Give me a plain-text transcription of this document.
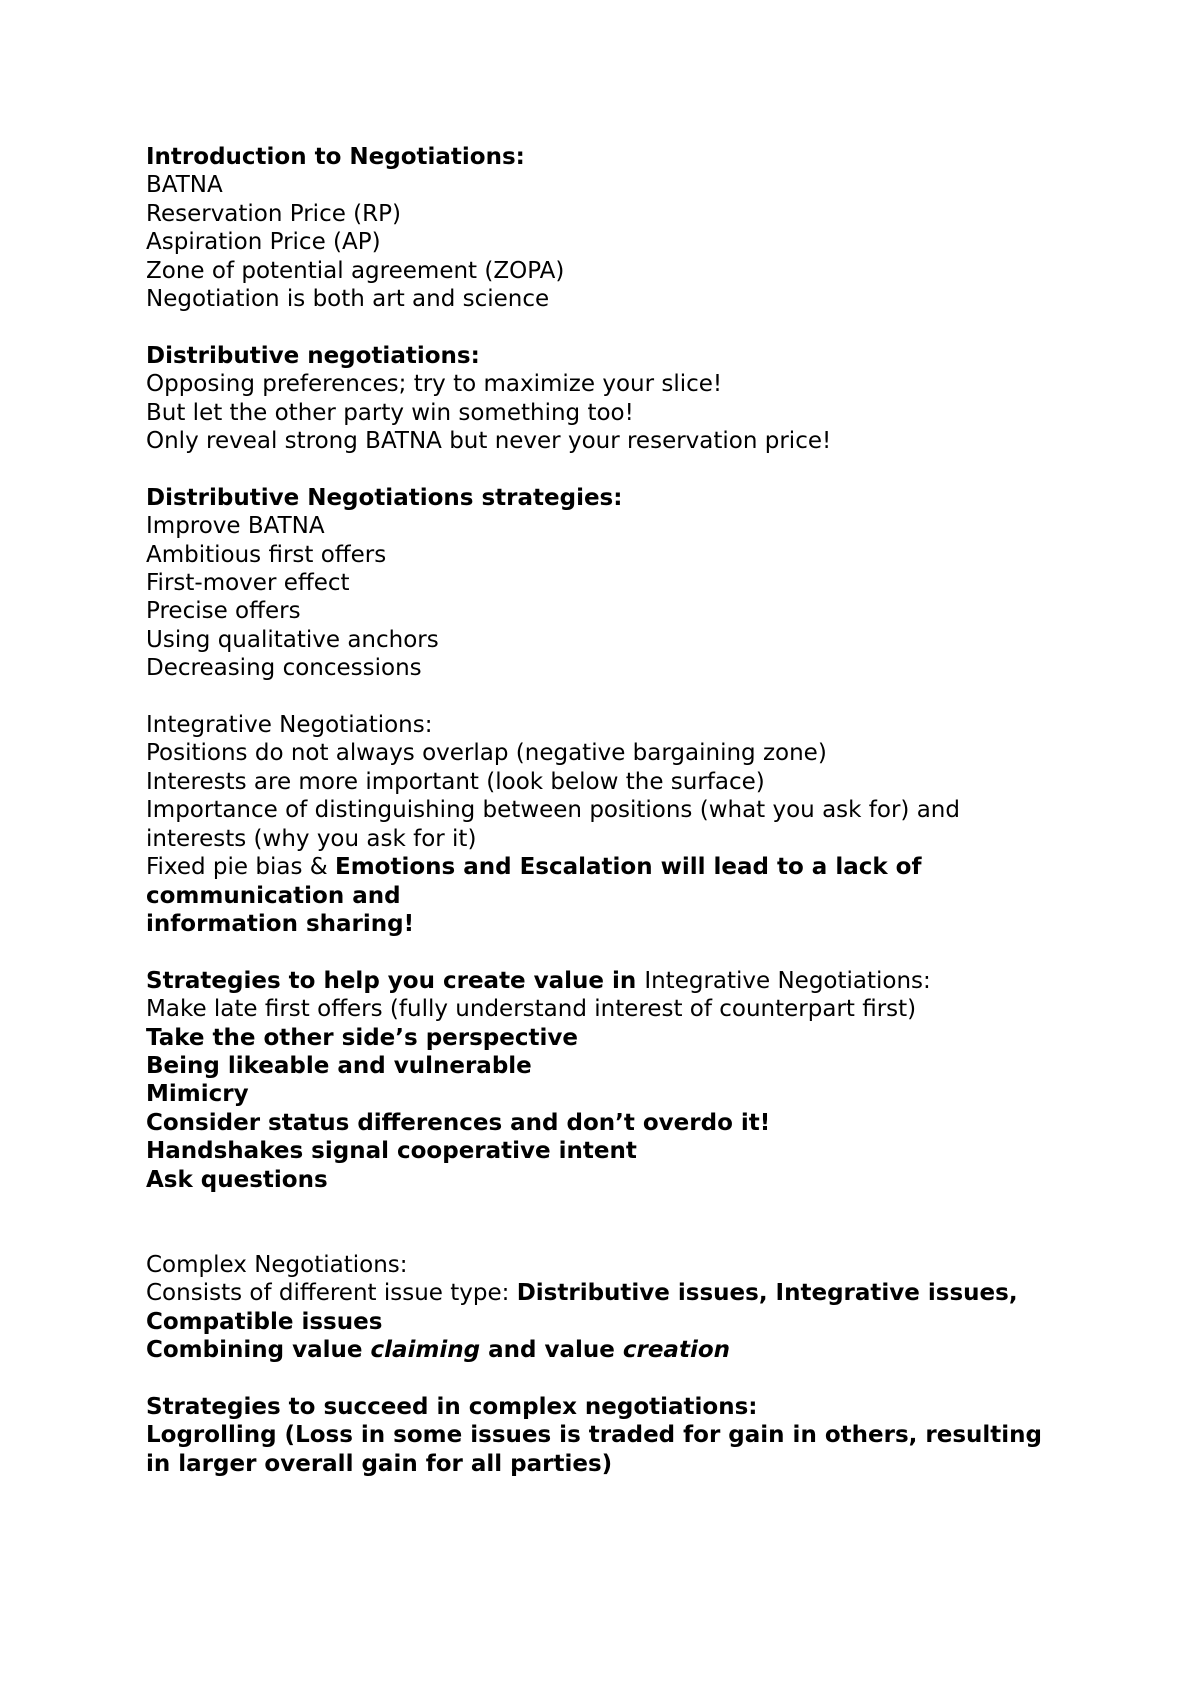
Introduction to Negotiations:

BATNA

Reservation Price (RP)

Aspiration Price (AP)

Zone of potential agreement (ZOPA)

Negotiation is both art and science

Distributive negotiations:

Opposing preferences; try to maximize your slice!

But let the other party win something too!

Only reveal strong BATNA but never your reservation price!

Distributive Negotiations strategies:

Improve BATNA

Ambitious first offers

First-mover effect

Precise offers

Using qualitative anchors

Decreasing concessions

Integrative Negotiations:

Positions do not always overlap (negative bargaining zone)

Interests are more important (look below the surface)

Importance of distinguishing between positions (what you ask for) and interests (why you ask for it)

Fixed pie bias & Emotions and Escalation will lead to a lack of communication and

information sharing!

Strategies to help you create value in Integrative Negotiations:

Make late first offers (fully understand interest of counterpart first)

Take the other side’s perspective

Being likeable and vulnerable

Mimicry

Consider status differences and don’t overdo it!

Handshakes signal cooperative intent

Ask questions

Complex Negotiations:

Consists of different issue type: Distributive issues, Integrative issues, Compatible issues

Combining value claiming and value creation

Strategies to succeed in complex negotiations:

Logrolling (Loss in some issues is traded for gain in others, resulting in larger overall gain for all parties)
